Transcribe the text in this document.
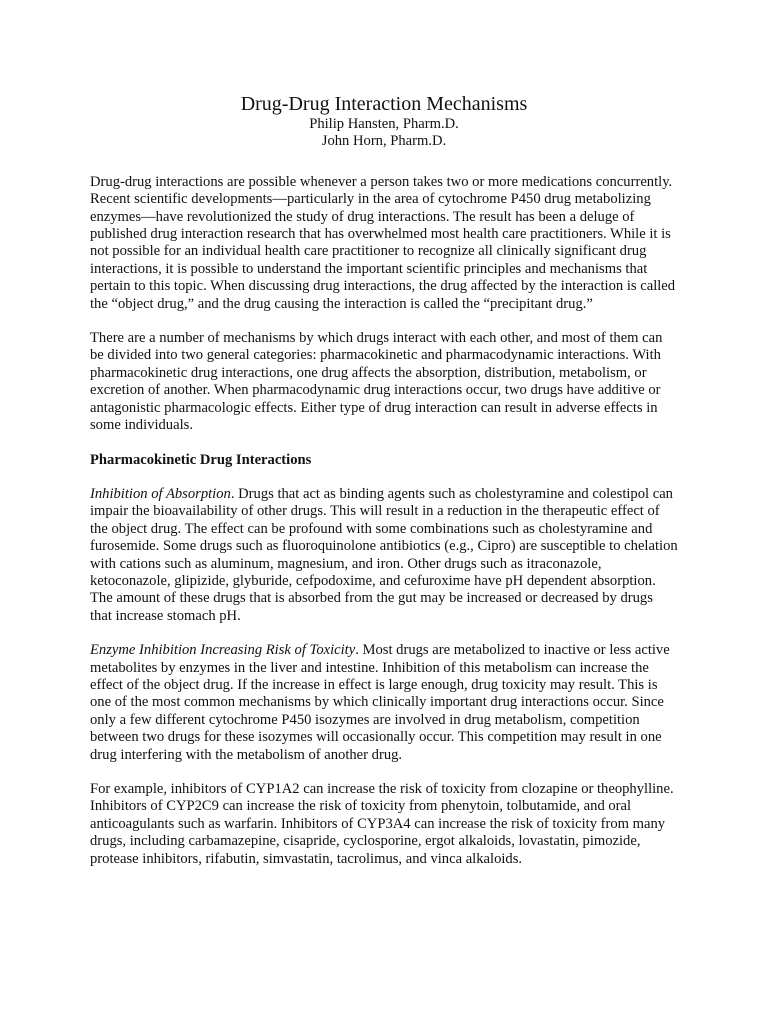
Drug-Drug Interaction Mechanisms

Philip Hansten, Pharm.D.

John Horn, Pharm.D.

Drug-drug interactions are possible whenever a person takes two or more medications concurrently. Recent scientific developments—particularly in the area of cytochrome P450 drug metabolizing enzymes—have revolutionized the study of drug interactions. The result has been a deluge of published drug interaction research that has overwhelmed most health care practitioners. While it is not possible for an individual health care practitioner to recognize all clinically significant drug interactions, it is possible to understand the important scientific principles and mechanisms that pertain to this topic. When discussing drug interactions, the drug affected by the interaction is called the “object drug,” and the drug causing the interaction is called the “precipitant drug.”

There are a number of mechanisms by which drugs interact with each other, and most of them can be divided into two general categories: pharmacokinetic and pharmacodynamic interactions. With pharmacokinetic drug interactions, one drug affects the absorption, distribution, metabolism, or excretion of another. When pharmacodynamic drug interactions occur, two drugs have additive or antagonistic pharmacologic effects. Either type of drug interaction can result in adverse effects in some individuals.

Pharmacokinetic Drug Interactions

Inhibition of Absorption. Drugs that act as binding agents such as cholestyramine and colestipol can impair the bioavailability of other drugs. This will result in a reduction in the therapeutic effect of the object drug. The effect can be profound with some combinations such as cholestyramine and furosemide. Some drugs such as fluoroquinolone antibiotics (e.g., Cipro) are susceptible to chelation with cations such as aluminum, magnesium, and iron. Other drugs such as itraconazole, ketoconazole, glipizide, glyburide, cefpodoxime, and cefuroxime have pH dependent absorption. The amount of these drugs that is absorbed from the gut may be increased or decreased by drugs that increase stomach pH.

Enzyme Inhibition Increasing Risk of Toxicity. Most drugs are metabolized to inactive or less active metabolites by enzymes in the liver and intestine. Inhibition of this metabolism can increase the effect of the object drug. If the increase in effect is large enough, drug toxicity may result. This is one of the most common mechanisms by which clinically important drug interactions occur. Since only a few different cytochrome P450 isozymes are involved in drug metabolism, competition between two drugs for these isozymes will occasionally occur. This competition may result in one drug interfering with the metabolism of another drug.

For example, inhibitors of CYP1A2 can increase the risk of toxicity from clozapine or theophylline. Inhibitors of CYP2C9 can increase the risk of toxicity from phenytoin, tolbutamide, and oral anticoagulants such as warfarin. Inhibitors of CYP3A4 can increase the risk of toxicity from many drugs, including carbamazepine, cisapride, cyclosporine, ergot alkaloids, lovastatin, pimozide, protease inhibitors, rifabutin, simvastatin, tacrolimus, and vinca alkaloids.
